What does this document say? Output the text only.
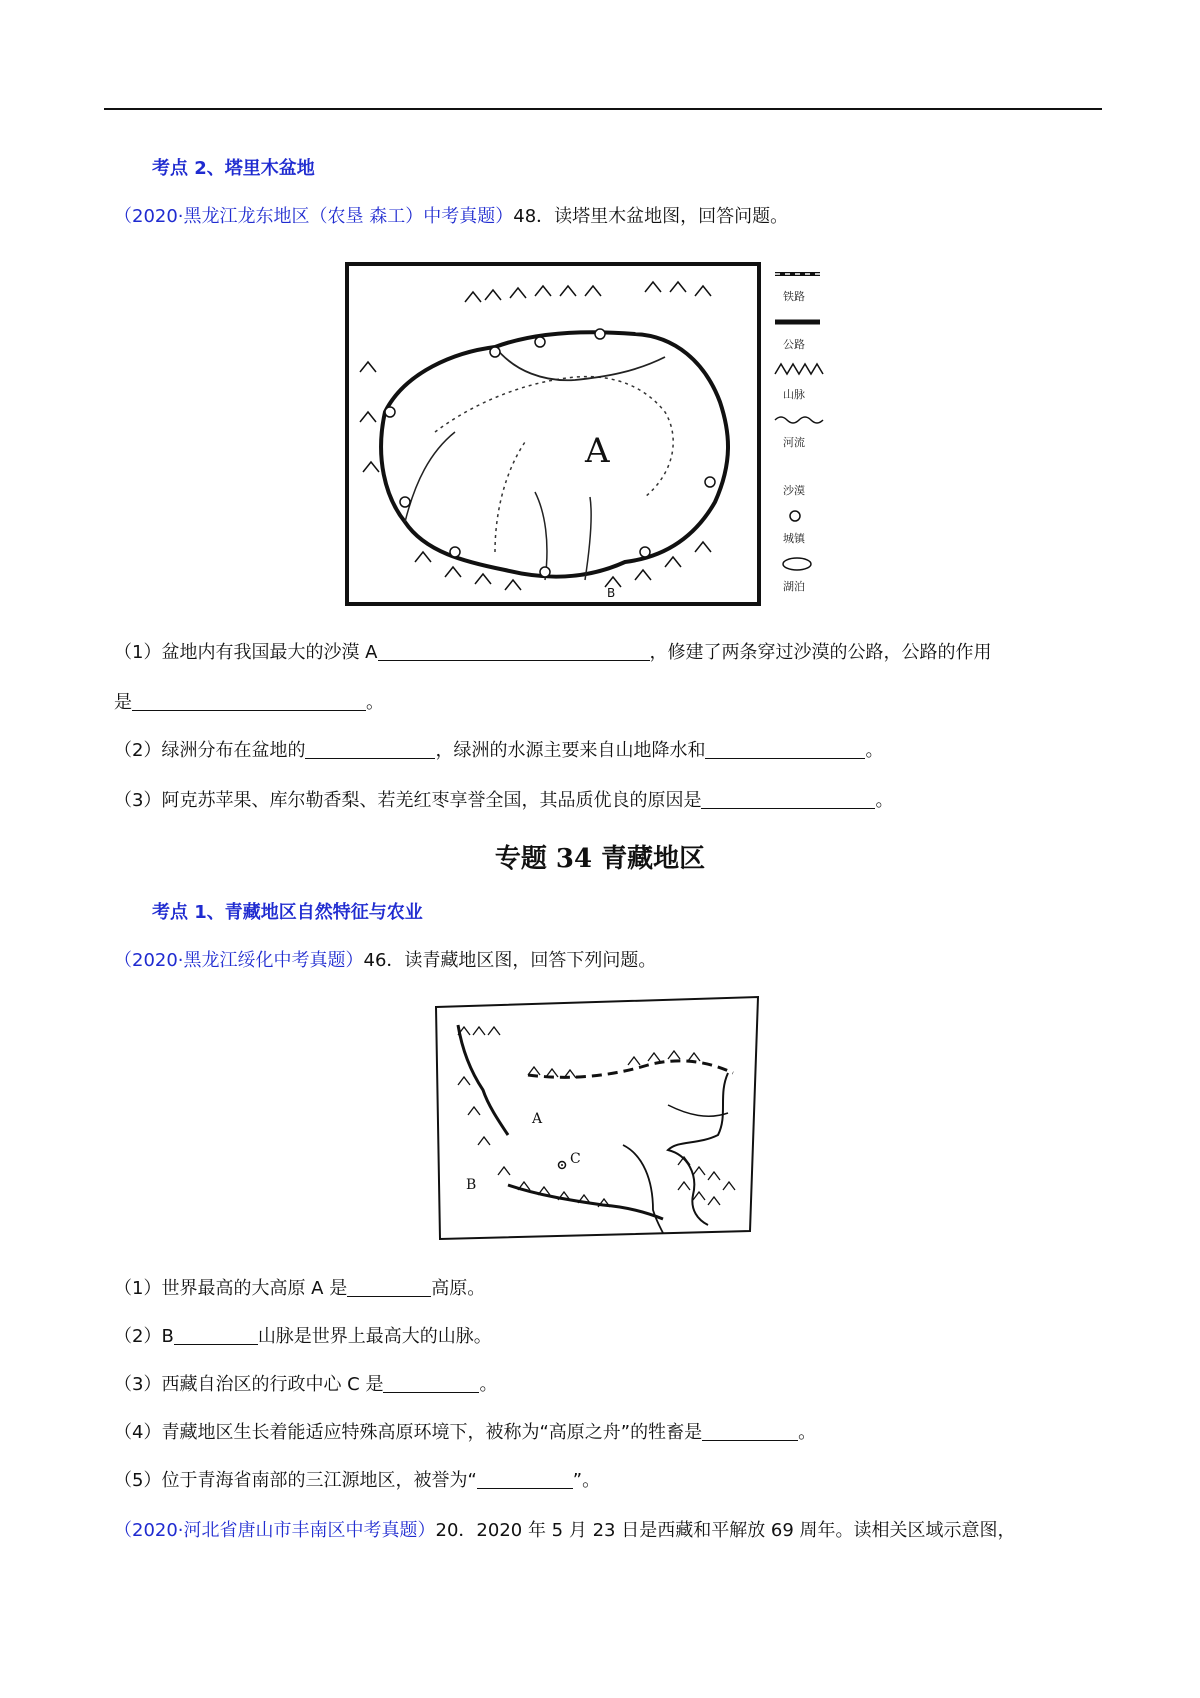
考点 2、塔里木盆地
（2020·黑龙江龙东地区（农垦 森工）中考真题）48．读塔里木盆地图，回答问题。
A
B
铁路
公路
山脉
河流
沙漠
城镇
湖泊
（1）盆地内有我国最大的沙漠 A	，修建了两条穿过沙漠的公路，公路的作用
是	。
（2）绿洲分布在盆地的	，绿洲的水源主要来自山地降水和	。
（3）阿克苏苹果、库尔勒香梨、若羌红枣享誉全国，其品质优良的原因是	。
专题 34 青藏地区
考点 1、青藏地区自然特征与农业
（2020·黑龙江绥化中考真题）46．读青藏地区图，回答下列问题。
A
B
C
（1）世界最高的大高原 A 是	高原。
（2）B	山脉是世界上最高大的山脉。
（3）西藏自治区的行政中心 C 是	。
（4）青藏地区生长着能适应特殊高原环境下，被称为“高原之舟”的牲畜是	。
（5）位于青海省南部的三江源地区，被誉为“	”。
（2020·河北省唐山市丰南区中考真题）20．2020 年 5 月 23 日是西藏和平解放 69 周年。读相关区域示意图，
